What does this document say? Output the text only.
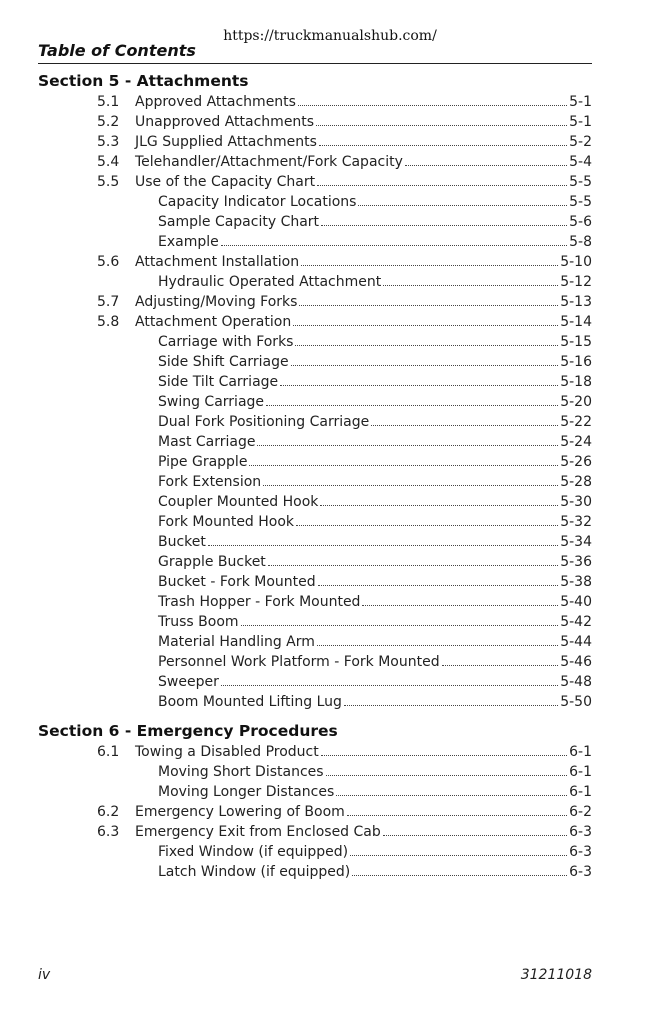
https://truckmanualshub.com/
Table of Contents
Section 5 - Attachments
5.1 Approved Attachments	5-1
5.2 Unapproved Attachments	5-1
5.3 JLG Supplied Attachments	5-2
5.4 Telehandler/Attachment/Fork Capacity	5-4
5.5 Use of the Capacity Chart	5-5
Capacity Indicator Locations	5-5
Sample Capacity Chart	5-6
Example	5-8
5.6 Attachment Installation	5-10
Hydraulic Operated Attachment	5-12
5.7 Adjusting/Moving Forks	5-13
5.8 Attachment Operation	5-14
Carriage with Forks	5-15
Side Shift Carriage	5-16
Side Tilt Carriage	5-18
Swing Carriage	5-20
Dual Fork Positioning Carriage	5-22
Mast Carriage	5-24
Pipe Grapple	5-26
Fork Extension	5-28
Coupler Mounted Hook	5-30
Fork Mounted Hook	5-32
Bucket	5-34
Grapple Bucket	5-36
Bucket - Fork Mounted	5-38
Trash Hopper - Fork Mounted	5-40
Truss Boom	5-42
Material Handling Arm	5-44
Personnel Work Platform - Fork Mounted	5-46
Sweeper	5-48
Boom Mounted Lifting Lug	5-50
Section 6 - Emergency Procedures
6.1 Towing a Disabled Product	6-1
Moving Short Distances	6-1
Moving Longer Distances	6-1
6.2 Emergency Lowering of Boom	6-2
6.3 Emergency Exit from Enclosed Cab	6-3
Fixed Window (if equipped)	6-3
Latch Window (if equipped)	6-3
iv	31211018
